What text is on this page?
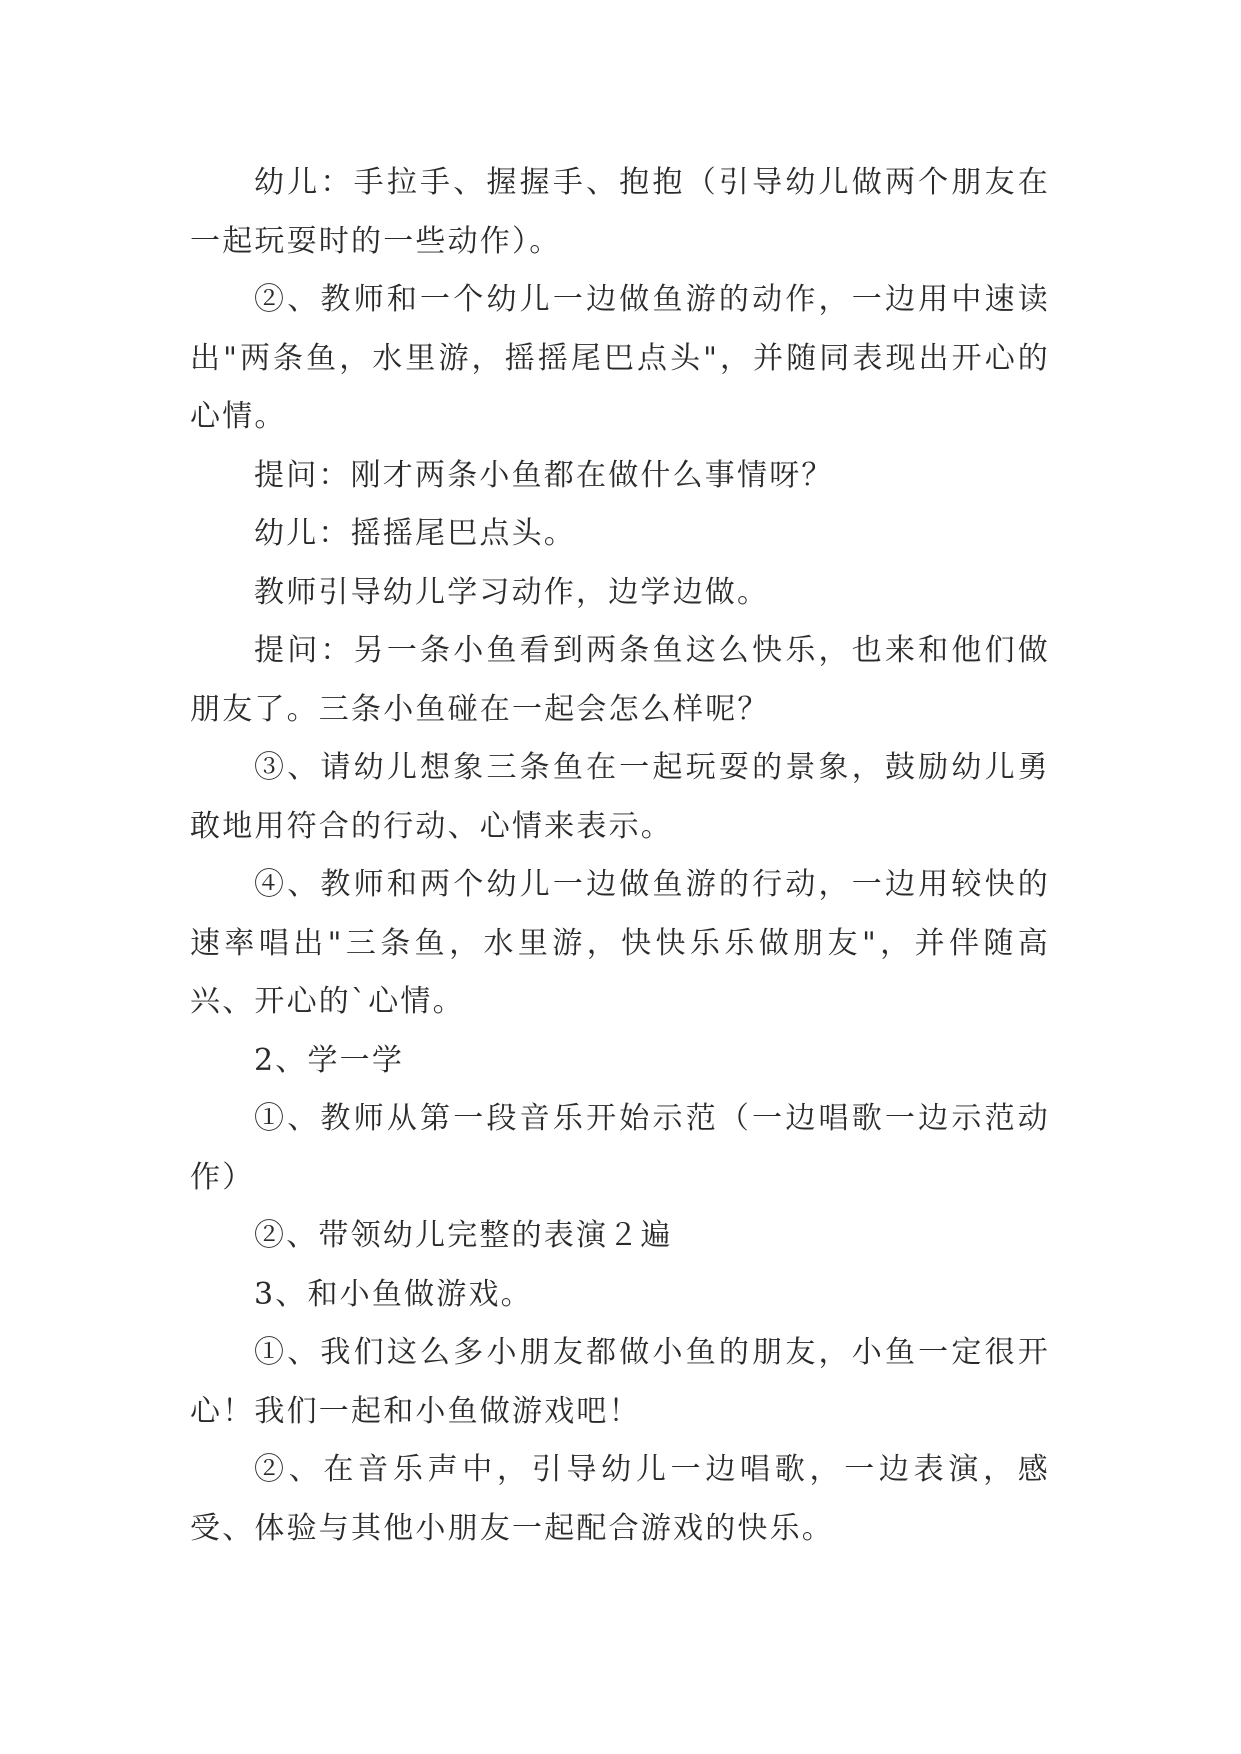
幼儿：手拉手、握握手、抱抱（引导幼儿做两个朋友在一起玩耍时的一些动作）。

②、教师和一个幼儿一边做鱼游的动作，一边用中速读出"两条鱼，水里游，摇摇尾巴点头"，并随同表现出开心的心情。

提问：刚才两条小鱼都在做什么事情呀？

幼儿：摇摇尾巴点头。

教师引导幼儿学习动作，边学边做。

提问：另一条小鱼看到两条鱼这么快乐，也来和他们做朋友了。三条小鱼碰在一起会怎么样呢？

③、请幼儿想象三条鱼在一起玩耍的景象，鼓励幼儿勇敢地用符合的行动、心情来表示。

④、教师和两个幼儿一边做鱼游的行动，一边用较快的速率唱出"三条鱼，水里游，快快乐乐做朋友"，并伴随高兴、开心的`心情。

2、学一学

①、教师从第一段音乐开始示范（一边唱歌一边示范动作）

②、带领幼儿完整的表演２遍

3、和小鱼做游戏。

①、我们这么多小朋友都做小鱼的朋友，小鱼一定很开心！我们一起和小鱼做游戏吧！

②、在音乐声中，引导幼儿一边唱歌，一边表演，感受、体验与其他小朋友一起配合游戏的快乐。
